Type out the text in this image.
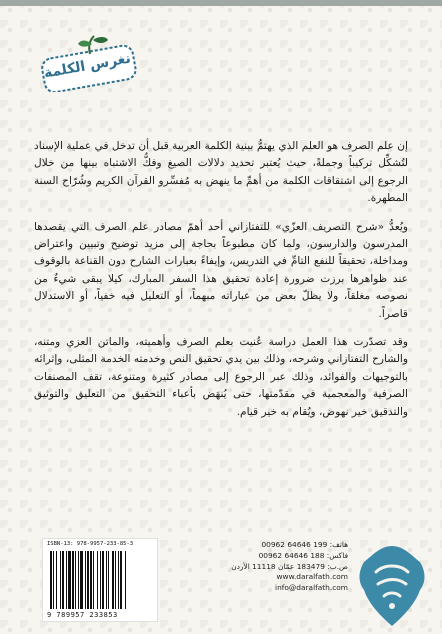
نغرس الكلمة

إن علم الصرف هو العلم الذي يهتمُّ ببنية الكلمة العربية قبل أن تدخل في عملية الإسناد لتُشكِّل تركيباً وجملةً، حيث يُعتبر تحديد دلالات الصيغ وفكُّ الاشتباه بينها من خلال الرجوع إلى اشتقاقات الكلمة من أهمِّ ما ينهض به مُفسِّرو القرآن الكريم وشُرّاح السنة المطهرة.

ويُعدُّ «شرح التصريف العزّي» للتفتازاني أحد أهمّ مصادر علم الصرف التي يقصدها المدرسون والدارسون، ولما كان مطبوعاً بحاجة إلى مزيد توضيح وتبيين واعتراض ومداخلة، تحقيقاً للنفع التامِّ في التدريس، وإيفاءً بعبارات الشارح دون القناعة بالوقوف عند ظواهرها برزت ضرورة إعادة تحقيق هذا السفر المبارك، كيلا يبقى شيءٌ من نصوصه مغلقاً، ولا يظلّ بعض من عباراته مبهماً، أو التعليل فيه خفياً، أو الاستدلال قاصراً.

وقد تصدّرت هذا العمل دراسة عُنيت بعلم الصرف وأهميته، والماتن العزي ومتنه، والشارح التفتازاني وشرحه، وذلك بين يدي تحقيق النص وخدمته الخدمة المثلى، وإثرائه بالتوجيهات والفوائد، وذلك عبر الرجوع إلى مصادر كثيرة ومتنوعة، تقف المصنفات الصرفية والمعجمية في مقدّمتها، حتى يُنهَض بأعباء التحقيق من التعليق والتوثيق والتدقيق خير نهوض، ويُقام به خير قيام.

ISBN-13: 978-9957-233-85-3
9 789957 233853
هاتف: 199 64646 00962
فاكس: 188 64646 00962
ص.ب: 183479 عمّان 11118 الأردن
www.daralfath.com
info@daralfath.com
